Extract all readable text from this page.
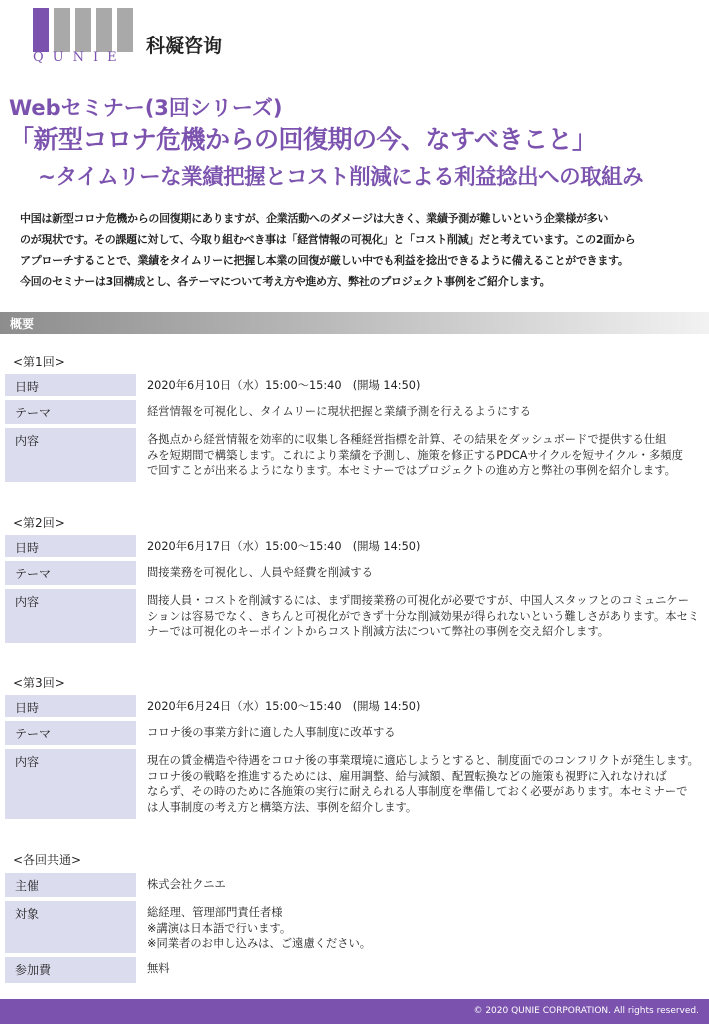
QUNIE
科凝咨询
Webセミナー(3回シリーズ)
「新型コロナ危機からの回復期の今、なすべきこと」
~タイムリーな業績把握とコスト削減による利益捻出への取組み
中国は新型コロナ危機からの回復期にありますが、企業活動へのダメージは大きく、業績予測が難しいという企業様が多い
のが現状です。その課題に対して、今取り組むべき事は「経営情報の可視化」と「コスト削減」だと考えています。この2面から
アプローチすることで、業績をタイムリーに把握し本業の回復が厳しい中でも利益を捻出できるように備えることができます。
今回のセミナーは3回構成とし、各テーマについて考え方や進め方、弊社のプロジェクト事例をご紹介します。
概要
<第1回>
日時	2020年6月10日（水）15:00～15:40　(開場 14:50)
テーマ	経営情報を可視化し、タイムリーに現状把握と業績予測を行えるようにする
内容	各拠点から経営情報を効率的に収集し各種経営指標を計算、その結果をダッシュボードで提供する仕組
みを短期間で構築します。これにより業績を予測し、施策を修正するPDCAサイクルを短サイクル・多頻度
で回すことが出来るようになります。本セミナーではプロジェクトの進め方と弊社の事例を紹介します。
<第2回>
日時	2020年6月17日（水）15:00～15:40　(開場 14:50)
テーマ	間接業務を可視化し、人員や経費を削減する
内容	間接人員・コストを削減するには、まず間接業務の可視化が必要ですが、中国人スタッフとのコミュニケー
ションは容易でなく、きちんと可視化ができず十分な削減効果が得られないという難しさがあります。本セミ
ナーでは可視化のキーポイントからコスト削減方法について弊社の事例を交え紹介します。
<第3回>
日時	2020年6月24日（水）15:00～15:40　(開場 14:50)
テーマ	コロナ後の事業方針に適した人事制度に改革する
内容	現在の賃金構造や待遇をコロナ後の事業環境に適応しようとすると、制度面でのコンフリクトが発生します。
コロナ後の戦略を推進するためには、雇用調整、給与減額、配置転換などの施策も視野に入れなければ
ならず、その時のために各施策の実行に耐えられる人事制度を準備しておく必要があります。本セミナーで
は人事制度の考え方と構築方法、事例を紹介します。
<各回共通>
主催	株式会社クニエ
対象	総経理、管理部門責任者様
※講演は日本語で行います。
※同業者のお申し込みは、ご遠慮ください。
参加費	無料
© 2020 QUNIE CORPORATION. All rights reserved.
